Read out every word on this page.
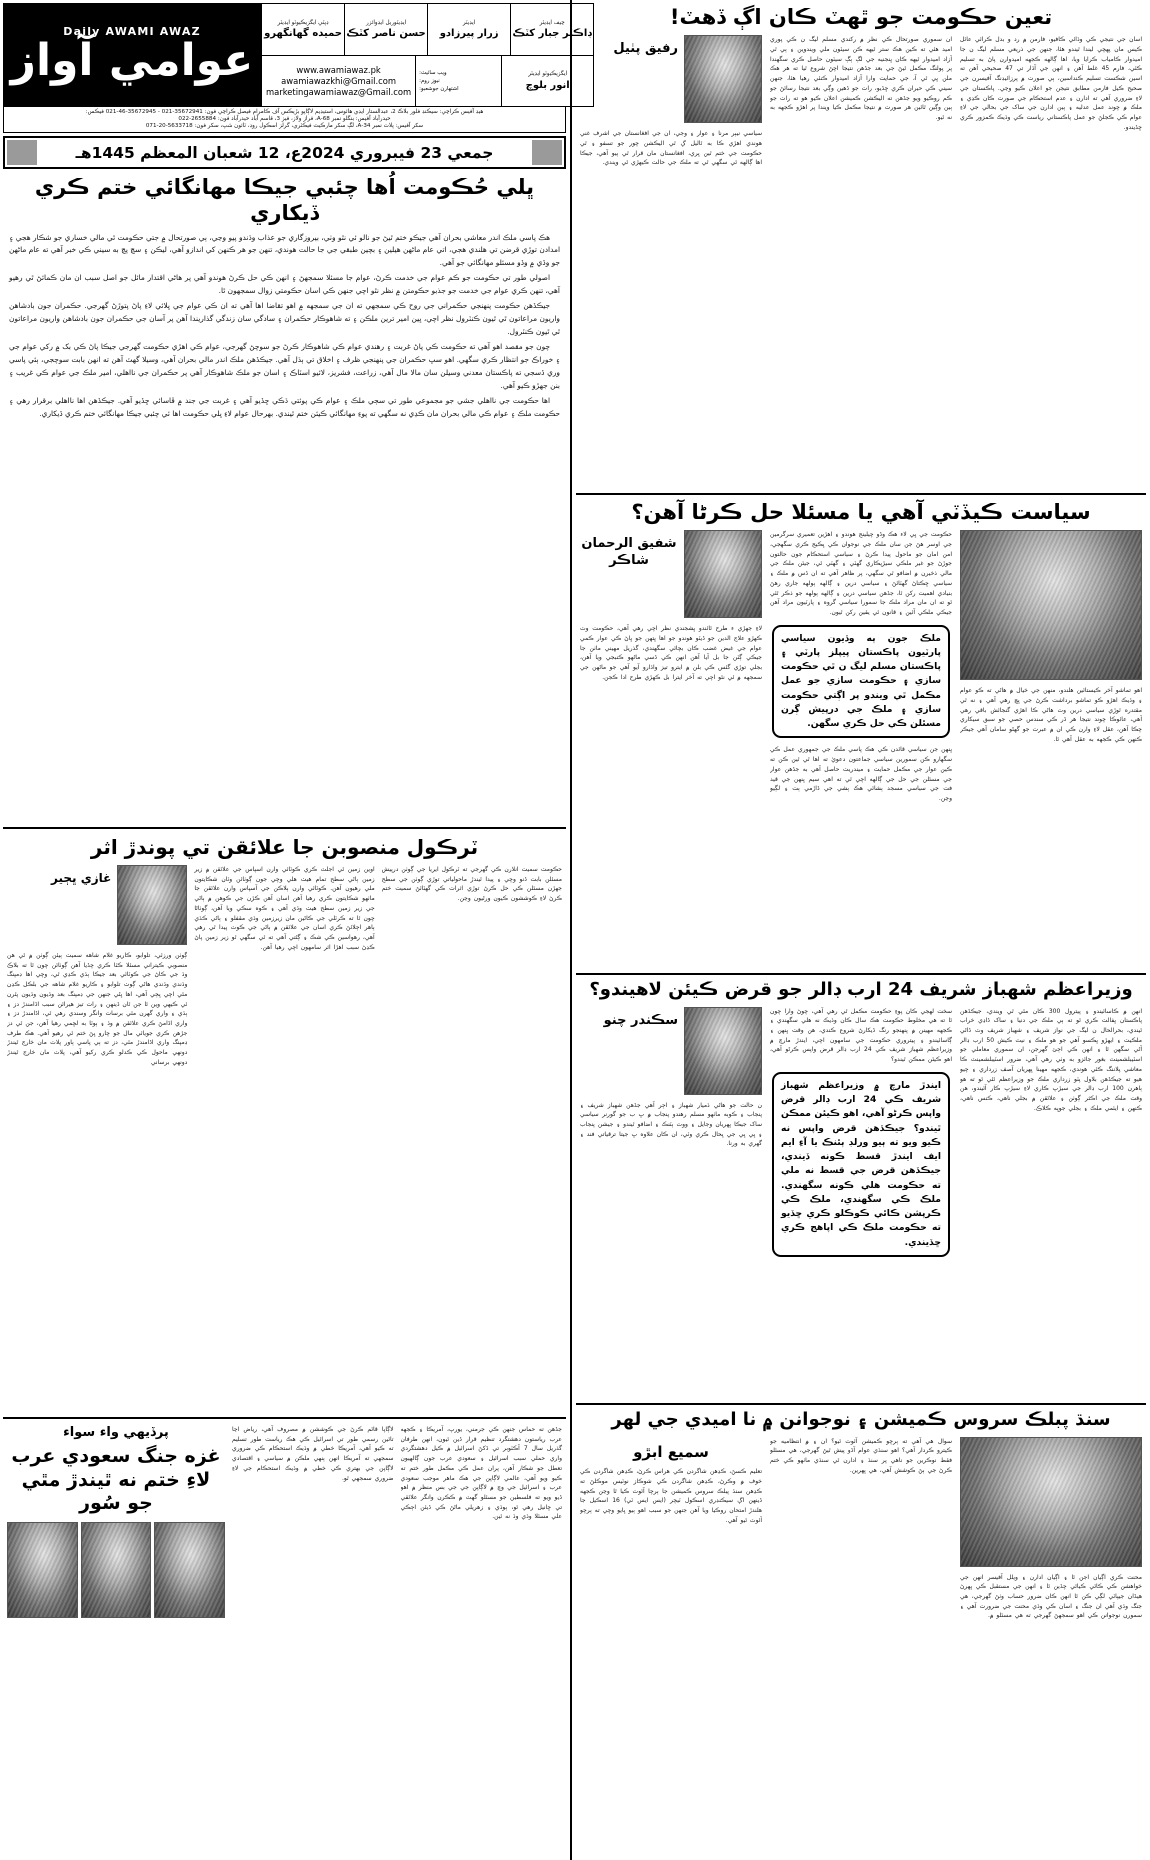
تعين حڪومت جو ٿهٽ ڪان اڳ ڏهٽ!
اسان جي نتيجي ڪي وڌائي ڪافيو، فارمن ۾ رد و بدل ڪرائي عائل ڪيس مان پهچي ليندا ٿيندو هئا، جنهن جي ذريعي مسلم ليگ ن جا اميدوار ڪامياب ڪرايا ويا، اها ڳالهه ڪجهه اميدوارن پاڻ به تسليم ڪئي، فارم 45 غلط آهن ۽ انهن جي آڌار تي 47 صحيحي آهن ته اسين شڪست تسليم ڪنداسين، ٻي صورت ۾ پرزائيڊنگ آفيسرن جي صحيح ڪيل فارمن مطابق نتيجن جو اعلان ڪيو وڃي. پاڪستان جي لاءِ ضروري آهي ته ادارن ۽ عدم استحڪام جي صورت ڪان ڪڍي ۽ ملڪ ۾ چوند عمل عدليه ۽ ٻين ادارن جي ساک جي بحالي جي لاءِ عوام ڪي ڪجلڻ جو عمل پاڪستاني رياست ڪي وڌيڪ ڪمزور ڪري ڇڏيندو.
ان سموري صورتحال ڪي نظر ۾ رکندي مسلم ليگ ن ڪي پوري اميد هئي ته ڪين هڪ ستر ٿيهه ڪن سيٽون ملي ويندوين ۽ ٻي ٿي آزاد اميدوار ٿيهه ڪان ڀنجنيه جي لڳ ٻڳ سيٽون حاصل ڪري سگهندا پر پولنگ مڪمل ٿيڻ جي بعد جڏهن نتيجا اچڻ شروع ٿيا ته هر هڪ ملن ڀي ٿي آ، جي حمايت وارا آزاد اميدوار ڪنئي رهيا هئا، جنهن سيني ڪي حيران ڪري ڇڏيو، رات جو ڏهين وڳي بعد نتيجا رسائڻ جو ڪم روڪيو ويو جڏهن ته اليڪشن ڪميشن اعلان ڪيو هو ته رات جو ٻين وڳين ٿائين هر صورت ۾ نتيجا مڪمل ڪيا ويندا پر اهڙو ڪجهه به نه ٿيو.
رفيق پٺيل
سياسي نيٻر مرنا ۽ عوار ۽ وجي، ان جي افغانستان جي اشرف غني هوندي اهڙي ڪا به ٿاليل ڳ ٿي اليڪشن چور جو تسفو ۽ ٿي حڪومت جي ختم ٿين ڀري، افغانستان مان قرار ٿي ٻيو آهي، جيڪا اها ڳالهه ٿي سگهي ٿي ته ملڪ جي حالت ڪيهڙي ٿي ويندي.
سياست ڪيڏٽي آهي يا مسئلا حل ڪرڻا آهن؟
اهو تماشو آخر ڪيستائين هلندو، منهن جي خيال ۾ هاڻي ته ڪو عوام ۽ وڌيڪ اهڙو ڪو تماشو برداشت ڪرڻ جي ڀچ رهي آهي ۽ نه ٿي مقتدره ٿوڙي سياسي درين وٽ هاڻي ڪا اهڙي گنجائش باقي رهي آهي، عائوڪا چوند نتيجا هر ڏر ڪي سندس حصي جو سبق سيکاري چڪا آهن، عقل لاءِ وارن ڪي ان ۾ عبرت جو گهڻو سامان آهي جيڪر ڪنهن ڪي ڪجهه به عقل آهي ٿا.
حڪومت جي ڀي لاء هڪ وڏو چيلينج هوندو ۽ اهڙين تعميري سرگرمين جي اوسر هڻ جن سان ملڪ جي نوجوان ڪي ڀڪيج ڪري سگهجي، امن امان جو ماحول پيدا ڪرڻ ۽ سياسي استحڪام جون حالتون جوڙڻ جو غير ملڪي سيڙپڪاري گهٽي ۽ گهٽي ٿي، جيئن ملڪ جي مالي ذخيرن ۾ اضافو ٿي سگهي، پر ظاهر آهي ته ان ڏس ۾ ملڪ ۽ سياسي ڇڪتاڻ گهٽائڻ ۽ سياسي درين ۽ ڳالهه ٻولهه جاري رهڻ بنيادي اهميت رکن ٿا، جڏهن سياسي درين ۽ ڳالهه ٻولهه جو ذڪر ٿئي ٿو ته ان مان مراد ملڪ جا سمورا سياسي گروه ۽ پارٽيون مراد آهن جيڪي ملڪي آئين ۽ قانون ٿي يقين رکن ٿيون.
ملڪ جون ٻه وڏيون سياسي پارٽيون پاڪستان پيپلز پارٽي ۽ پاڪستان مسلم ليگ ن ٿي حڪومت سازي ۽ حڪومت سازي جو عمل مڪمل ٿي ويندو پر اڳتي حڪومت سازي ۽ ملڪ جي درپيش ڳرن مسئلن ڪي حل ڪري سگهن.
ڀنهن جن سياسي قائدن ڪي هڪ پاسي ملڪ جي جمهوري عمل ڪي سگهارو ڪن سمورين سياسي جماعتون دعويٰ ته اها ٿي ٿين ڪن ته ڪين عوار جي مڪمل حمايت ۽ ميندريت حاصل آهي به جڏهن عوار جي مسئلن جي حل جي ڳالهه اچي ٿي ته اهي سيم ڀنهن جي قيد فت جي سياسي مسجد ٻشائي هڪ ٻشي جي ڏاڙمي ٻت ۽ لڳيو وڃن.
شفيق الرحمان شاڪر
لاءِ جهڙي ء طرح ٿائندو ڀشجندي نظر اچي رهي آهي، حڪومت وٽ ڪهڙو علاج الدين جو ڏيٽو هوندو جو اها ڀتهن جو ڀاڻ ڪي عوار ڪمي عوام جي غيض غضب ڪان بچائي سگهندي، گذريل مهيني ماٺن جا جيڪي ڳٽن جا بل آيا آهن انهن ڪي ڏسي ماڻهو ڪنبجي ويا آهن، بجلي توڙي گئس ڪي بلن ۾ ايترو تيز واڌارو آيو آهي جو ماڻهن جي سمجهه ۾ ئي نٿو اچي ته آخر ايترا بل ڪهڙي طرح ادا ڪجن.
وزيراعظم شهباز شريف 24 ارب ڊالر جو قرض ڪيئن لاهيندو؟
انهن ۾ ڪاسائيندو ۽ پيترول 300 ڪان مٿي ٿي ويندي، جيڪڏهن پاڪستان ڀفالت ڪري ٿو ته ٻي ملڪ جي دنيا ۽ ساک ڏاڍي خراب ٿيندي، بحرالحال ن ليگ جي نواز شريف ۽ شهباز شريف وٽ ڏاڻي ملڪيت ۽ ايهڙو ڀڪسو آهي جو هو ملڪ ۽ نيٽ ڪيش 50 ارب ڊالر آڻي سگهن ٿا ۽ انهن ڪي اڄئ گهرجن، ان سموري معاملي جو اسٽيبلشمينٽ بغور جائزو به وٺي رهي آهي، ضرور اسٽيبلشمينٽ ڪا معاشي پلاننگ ڪئي هوندي، ڪجهه مهينا ڀهريان آصف زرداري ۽ چيو هيو ته جيڪڏهن بلاول پٽو زرداري ملڪ جو وزيراعظم ٿئي ٿو ته هو ٻاهرن 100 ارب ڊالر جي سيڙپ ڪاري لاءِ سيڙپ ڪار آئيندو، هن وقت ملڪ جي اڪثر ڳوٺن ۽ علائقن ۾ بجلي ناهي، ڪنس ناهي، ڪنهن ۽ ايئمي ملڪ ۽ بجلي جوڀه ڪلاڪ.
سخت لهجي ڪان پوءِ حڪومت مڪمل ٿي رهي آهي، چوڻ وارا چون ٿا ته هي مخلوط حڪومت هڪ سال ڪان وڌيڪ نه هلي سگهندي ۽ ڪجهه مهينن ۾ پنهنجو رنگ ڏيکارڻ شروع ڪندي، هن وقت ڀنهن ۽ ڳاسائيندو ۽ پيتروري حڪومت جي سامهون اچي، ايندڙ مارچ ۾ وزيراعظم شهباز شريف ڪي 24 ارب ڊالر قرض واپس ڪرڻو آهي، اهو ڪيئن ممڪن ٿيندو؟
ايندڙ مارچ ۾ وزيراعظم شهباز شريف ڪي 24 ارب ڊالر قرض واپس ڪرڻو آهي، اهو ڪيئن ممڪن ٿيندو؟ جيڪڏهن قرض واپس نه ڪيو ويو ته ٻيو ورلڊ ٻئنڪ يا آءِ ايم ايف ايندڙ قسط ڪونه ڏيندي، جيڪڏهن قرض جي قسط نه ملي ته حڪومت هلي ڪونه سگهندي. ملڪ ڪي سگهندي، ملڪ ڪي ڪرپشن ڪائي ڪوڪلو ڪري ڇڏيو ته حڪومت ملڪ ڪي اپاهج ڪري ڇڏيندي.
سڪندر چنو
ن حالت جو هاڻي ڌميار شهباز ۽ اڄر آهي جڏهن شهباز شريف ۽ پنجاب ۽ ڪوبه ماٺهو مسلم رهندو پنجاب ۾ ڀ ب جو گورنر سياسي ساک جيڪا ڀهريان وجايل ۽ ووٽ ٻٽنڪ ۽ اضافو ٿيندو ۽ جيشن پنجاب ۽ ڀي ڀي جي ڀحال ڪري وٽي، ان ڪان علاوه ڀ جيتا ترقياتي فند ۽ گهري به ورنا.
سنڌ پبلڪ سروس ڪميشن ۽ نوجوانن ۾ نا اميدي جي لهر
محنت ڪري اڳيان اجن ٿا ۽ اڳيان ادارن ۽ ويلل آفيسر انهن جي خواهشن ڪي ڪائي ڪياٿي چڏين ٿا ۽ انهن جي مستقبل ڪي ڀهرڻ هيڏان جيپاٽي لڳي ڪن ٿا انهن ڪان ضرور حساب وٺڻ گهرجي، هي جنگ وڌي آهي ان جنگ ۽ اسان ڪي وڌي محنت جي ضرورت آهي ۽ سمورن نوجوانن ڪي اهو سمجهڻ گهرجي ته هي مسئلو ۾.
سوال هي آهي ته ٻرچو ڪميشن آئوٽ ٿيو؟ ان ۽ ۾ انتظاميه جو ڪيترو ڪردار آهي؟ اهو سنڌي عوام آڏو پيش ٿيڻ گهرجي، هي مسئلو فقط نوڪرين جو ناهي پر سنڌ ۽ ادارن ٿي سنڌي ماٺهو ڪي ختم ڪرڻ جي ٻڻ ڪوشش آهي، هي ڀهرين.
سميع ابڙو
تعليم ڪسڻ، ڪڍهن شاگردن ڪي هراس ڪرڻ، ڪڍهن شاگردن ڪي خوف ۾ وڪرڻ، ڪڍهن شاگردن ڪي شوڪاز نوٽيس موڪلڻ ته ڪڍهن سنڌ پبلڪ سروس ڪميشن جا ٻرچا آئوٽ ڪيا ٿا وڃن ڪجهه ڏينهن اڳ سيڪنڊري اسڪول ٽيچر (ايس ايس ٽي) 16 اسڪيل جا هلندڙ امتحان روڪيا ويا آهن جنهن جو سبب اهو ٻيو ڀايو وچي ته ٻرچو آئوٽ ٿيو آهي.
Daily AWAMI AWAZ
عوامي آواز
چيف ايڊيٽر
ڊاڪٽر جبار کٽڪ
ايڊيٽر
زرار پيرزادو
ايڊيٽوريل ايڊوائزر
حسن ناصر کٽڪ
ڊپٽي ايگزيڪيوٽو ايڊيٽر
حميده گهانگهرو
ايگزيڪيوٽو ايڊيٽر
انور بلوچ
ويب سائيٽ:
نيوز روم:
اشتهارن جوشعبو:
www.awamiawaz.pk
awamiawazkhi@Gmail.com
marketingawamiawaz@Gmail.com
هيڊ آفيس ڪراچي: سيڪنڊ فلور بلاڪ 2، عبدالستار ايڊي هائوس، استيڊيم لاڳاپو بڙيڪس آف ڪامرام فيصل ڪراچي فون: 35672941-021 - 35672945-46-021 فيڪس:
حيدرآباد آفيس: بنگلو نمبر 68-A، فراز ولاز، فيز 3، قاسم آباد حيدرآباد فون: 2655884-022
سکر آفيس: پلاٽ نمبر 34-A، لڳ سکر مارڪيٽ فيڪٽري، گرلز اسڪول روڊ، ٽائون شپ، سکر فون: 5633718-20-071
جمعي 23 فيبروري 2024ع، 12 شعبان المعظم 1445هـ
ڀلي حُڪومت اُها چئبي جيڪا مهانگائي ختم ڪري ڏيکاري

هڪ پاسي ملڪ اندر معاشي بحران آهي جيڪو ختم ٿيڻ جو نالو ئي نٿو وٺي، بيروزگاري جو عذاب وڌندو پيو وڃي، ٻي صورتحال ۾ جتي حڪومت ٿي مالي خساري جو شڪار هجي ۽ امدادن توڙي قرضن تي هلندي هجي، اتي عام ماڻهن هيلين ۽ بچين طبقي جي جا حالت هوندي، تنهن جو هر ڪنهن کي اندازو آهي، ليڪن ۽ سچ پچ به سيني ڪي خبر آهي ته عام ماڻهن جو وڏي ۾ وڏو مسئلو مهانگائي جو آهي.

اصولي طور تي حڪومت جو ڪم عوام جي خدمت ڪرڻ، عوام جا مسئلا سمجهڻ ۽ انهن ڪي حل ڪرڻ هوندو آهي پر هاڻي اقتدار مائل جو اصل سبب ان مان ڪمائڻ ٿي رهيو آهي، تنهن ڪري عوام جي خدمت جو جذبو حڪومتن ۾ نظر نٿو اچي جنهن ڪي اسان حڪومتي زوال سمجهون ٿا.

جيڪڏهن حڪومت پنهنجي حڪمراني جي روح ڪي سمجهي ته ان جي سمجهه ۾ اهو تقاضا اها آهي ته ان ڪي عوام جي ڀلائي لاءِ پاڻ پتوڙڻ گهرجي. حڪمران جون بادشاهن واريون مراعاتون ٿي ٿيون ڪنٽرول نظر اچي، ڀين امير ترين ملڪن ۽ ته شاهوڪار حڪمران ۽ سادگي سان زندگي گذاريندا آهن پر آسان جي حڪمران جون بادشاهن واريون مراعاتون ٿي ٿيون ڪنٽرول.

چون جو مقصد اهو آهي ته حڪومت ڪي پاڻ غربت ۽ رهندي عوام ڪي شاهوڪار ڪرڻ جو سوچڻ گهرجي، عوام ڪي اهڙي حڪومت گهرجي جيڪا پاڻ ڪي بک ۾ رکي عوام جي ۽ خوراڪ جو انتظار ڪري سگهي. اهو سڀ حڪمران جي پنهنجي ظرف ۽ اخلاق تي ٻڌل آهي. جيڪڏهن ملڪ اندر مالي بحران آهي، وسيلا گهٽ آهن ته انهن بابت سوچجي، ٻئي پاسي وري ڏسجي ته پاڪستان معدني وسيلن سان مالا مال آهي، زراعت، فشريز، لائيو اسٽاڪ ۽ اسان جو ملڪ شاهوڪار آهي پر حڪمران جي نااهلي، امير ملڪ جي عوام ڪي غريب ۽ بنن جهڙو ڪيو آهي.

اها حڪومت جي نااهلي جشي جو مجموعي طور تي سڄي ملڪ ۽ عوام ڪي پوئتي ڌڪي ڇڏيو آهي ۽ غربت جي جند ۾ ڦاسائي ڇڏيو آهي. جيڪڏهن اها نااهلي برقرار رهي ۽ حڪومت ملڪ ۽ عوام ڪي مالي بحران مان ڪڍي نه سگهي ته پوءِ مهانگائي ڪيئن ختم ٿيندي. بهرحال عوام لاءِ ڀلي حڪومت اها ئي چئبي جيڪا مهانگائي ختم ڪري ڏيکاري.

ٽرڪول منصوبن جا علائقن تي پوندڙ اثر
حڪومت سميت انلارن ڪي گهرجي ته ٽرڪول ايريا جي ڳوٺن درپيش مسئلن بابت ڏنو وچي ۽ پيدا ٿيندڙ ماحولياتي توڙي ڳوٺن جي سطح جهڙن مسئلن ڪي حل ڪرڻ توڙي اثرات ڪي گهٽائڻ سميت ختم ڪرڻ لاءِ ڪوششون ڪيون ورڻيون وڃن.
اوين زمين ٿي اجلٽ ڪري ڪوٽائي وارن اسپاس جي علائقن ۾ زير زمين ٻاڻي سطح تمام هيٺ هلي وچي جون ڳوٺائن وٽان شڪايتون ملي رهيون آهن. ڪوٽائي وارن ٻلاڪن جي آسپاس وارن علائقن جا ماٺهو شڪايتون ڪري رهيا آهن اسان آهن ڪڙن جي ڪوهن ۾ ٻاڻي جي زير زمين سطح هيٺ وڌي آهي ۽ ڪوه سڪي ويا آهن، ڳوٺاڻا چون ٿا ته ڪرٽلي جي ڪاڻين مان زيرزمين وڌي مقفلو ۽ ٻاڻي ڪڌي ٻاهر اڄلائڻ ڪري اسان جي علائقن ۾ ٻاڻي جي ڪوٽ پيدا ٿي رهي آهي، رهواسين ڪي شڪ ۽ ڳڻتي آهي ته ٿي سگهي ٿو زير زمين پاڻ ڪڍڻ سبب اهڙا اثر سامهون اچي رهيا آهن.
غازي ڀڄير
ڳوٺن ورزئي، تلوابو، ڪاريو غلام شاهه سميت ٻيئن ڳوٺن ۾ ٿي هن منصوبي ڪيتراني مسئلا ڪٽا ڪري چڏيا آهن ڳوٺائن چون ٿا ته بلاڪ وڌ جي ڪاڻ جي ڪوٽائي بعد جيڪا ٻڌي ڪڍي ٿي، وچي اها ڊمپنگ وڌندي وڌندي هاڻي ڳوٺ تلوابو ۽ ڪاريو غلام شاهه جي بلڪل ڪڍن مٿي اچي ڀڄي آهي، اها ڀڻي جنهن جي ڊمپنگ بعد وڌيون وڌيون پٿرن ٿي ڪيهي وين ٿا جن ٿان ڏينهن ۽ رات تيز هيرائن سبب اڏامندڙ دز ۽ ٻڌي ۽ واري گهرن مٿي برسات وانگر وسندي رهي ٿي، اڏامندڙ دز ۽ واري اڏامڻ ڪري علائقن ۾ وڌ ۽ ٻوٽا به لڇمي رهيا آهن، جن ٿي دز جڙهن ڪري جويائي مال جو چارو ڀڻ ختم ٿي رهيو آهي. هڪ طرف ڊمپنگ واري اڏامندڙ مٿي، دز ته ٻي پاسي ٻاور پلاٽ مان خارج ٿيندڙ دونهي ماحول ڪي ڪدلو ڪري رکيو آهي، پلاٽ مان خارج ٿيندڙ دونهي برساني
جڏهن ته حماس جنهن ڪي جرمني، يورپ، آمريڪا ۽ ڪجهه عرب رياستون دهشتگرد تنظيم قرار ڏين ٿيون، انهن طرفان گذريل سال 7 آڪٽوبر تي ڏکڻ اسرائيل ۾ ڪيل دهشتگردي واري حملي سبب اسرائيل ۽ سعودي عرب جون ڳالهيون تعطل جو شڪار آهن، پران عمل ڪي مڪمل طور ختم ته ڪيو ويو آهي، عالمي لاڳاپن جي هڪ ماهر موجب سعودي عرب ۽ اسرائيل جي وچ ۾ لاڳاپن جي جي بس منظر ۾ اهو ڏيو ويو ته فلسطين جو مسئلو گهٽ ۾ ڪڪرن وانگر علائقي تي ڇانيل رهي ٿو، ٻوڌي ۽ زهريلي ماڻڻ ڪي ڏيئن اڄڪي علي مسئلا وڌي وڌ نه ٿين.
لاڳاپا قائم ڪرڻ جي ڪوششن ۾ مصروف آهي، رياض اڃا تائين رسمي طور تي اسرائيل ڪي هڪ رياست طور تسليم ته ڪيو آهي، آمريڪا خطي ۾ وڌيڪ استحڪام ڪي ضروري سمجهي ته آمريڪا انهن ٻنهي ملڪن ۾ سياسي ۽ اقتصادي لاڳاپن جي بهتري ڪي خطي ۾ وڌيڪ استحڪام جي لاءِ ضروري سمجهي ٿو.
پرڏيهي واء سواء
غزه جنگ سعودي عرب لاءِ ختم نه ٿيندڙ مٿي جو سُور
